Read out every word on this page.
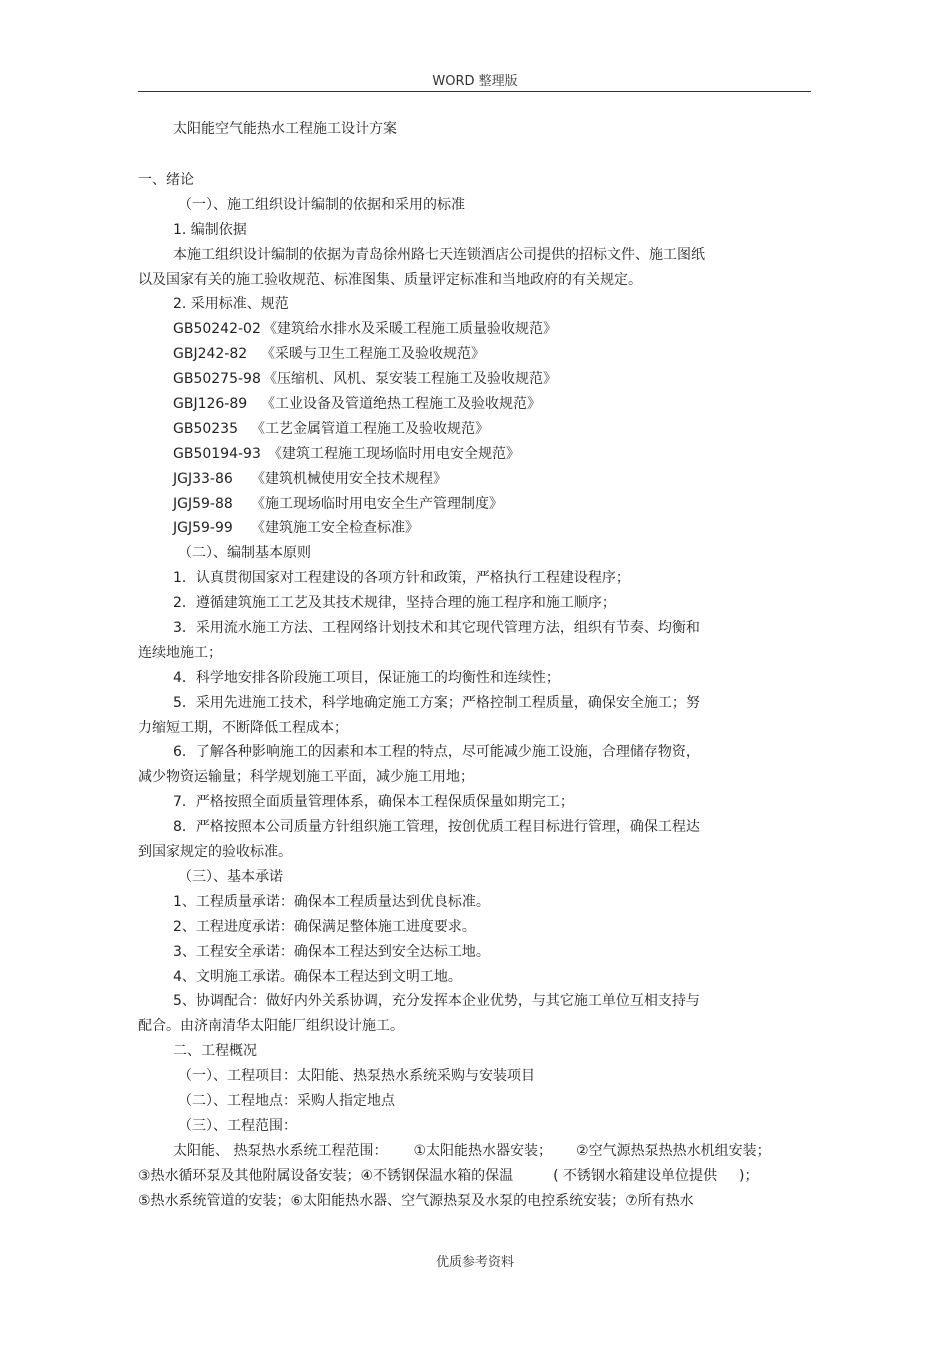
WORD 整理版
太阳能空气能热水工程施工设计方案
一、绪论
（一）、施工组织设计编制的依据和采用的标准
1. 编制依据
本施工组织设计编制的依据为青岛徐州路七天连锁酒店公司提供的招标文件、施工图纸
以及国家有关的施工验收规范、标准图集、质量评定标准和当地政府的有关规定。
2. 采用标准、规范
GB50242-02 《建筑给水排水及采暖工程施工质量验收规范》
GBJ242-82 《采暖与卫生工程施工及验收规范》
GB50275-98 《压缩机、风机、泵安装工程施工及验收规范》
GBJ126-89 《工业设备及管道绝热工程施工及验收规范》
GB50235 《工艺金属管道工程施工及验收规范》
GB50194-93 《建筑工程施工现场临时用电安全规范》
JGJ33-86 《建筑机械使用安全技术规程》
JGJ59-88 《施工现场临时用电安全生产管理制度》
JGJ59-99 《建筑施工安全检查标准》
（二）、编制基本原则
1．认真贯彻国家对工程建设的各项方针和政策，严格执行工程建设程序；
2．遵循建筑施工工艺及其技术规律，坚持合理的施工程序和施工顺序；
3．采用流水施工方法、工程网络计划技术和其它现代管理方法，组织有节奏、均衡和
连续地施工；
4．科学地安排各阶段施工项目，保证施工的均衡性和连续性；
5．采用先进施工技术，科学地确定施工方案；严格控制工程质量，确保安全施工；努
力缩短工期，不断降低工程成本；
6．了解各种影响施工的因素和本工程的特点，尽可能减少施工设施，合理储存物资，
减少物资运输量；科学规划施工平面，减少施工用地；
7．严格按照全面质量管理体系，确保本工程保质保量如期完工；
8．严格按照本公司质量方针组织施工管理，按创优质工程目标进行管理，确保工程达
到国家规定的验收标准。
（三）、基本承诺
1、工程质量承诺：确保本工程质量达到优良标准。
2、工程进度承诺：确保满足整体施工进度要求。
3、工程安全承诺：确保本工程达到安全达标工地。
4、文明施工承诺。确保本工程达到文明工地。
5、协调配合：做好内外关系协调，充分发挥本企业优势，与其它施工单位互相支持与
配合。由济南清华太阳能厂组织设计施工。
二、工程概况
（一）、工程项目：太阳能、热泵热水系统采购与安装项目
（二）、工程地点：采购人指定地点
（三）、工程范围：
太阳能、 热泵热水系统工程范围： ①太阳能热水器安装； ②空气源热泵热热水机组安装；
③热水循环泵及其他附属设备安装；④不锈钢保温水箱的保温	( 不锈钢水箱建设单位提供 )；
⑤热水系统管道的安装；⑥太阳能热水器、空气源热泵及水泵的电控系统安装；⑦所有热水
优质参考资料
